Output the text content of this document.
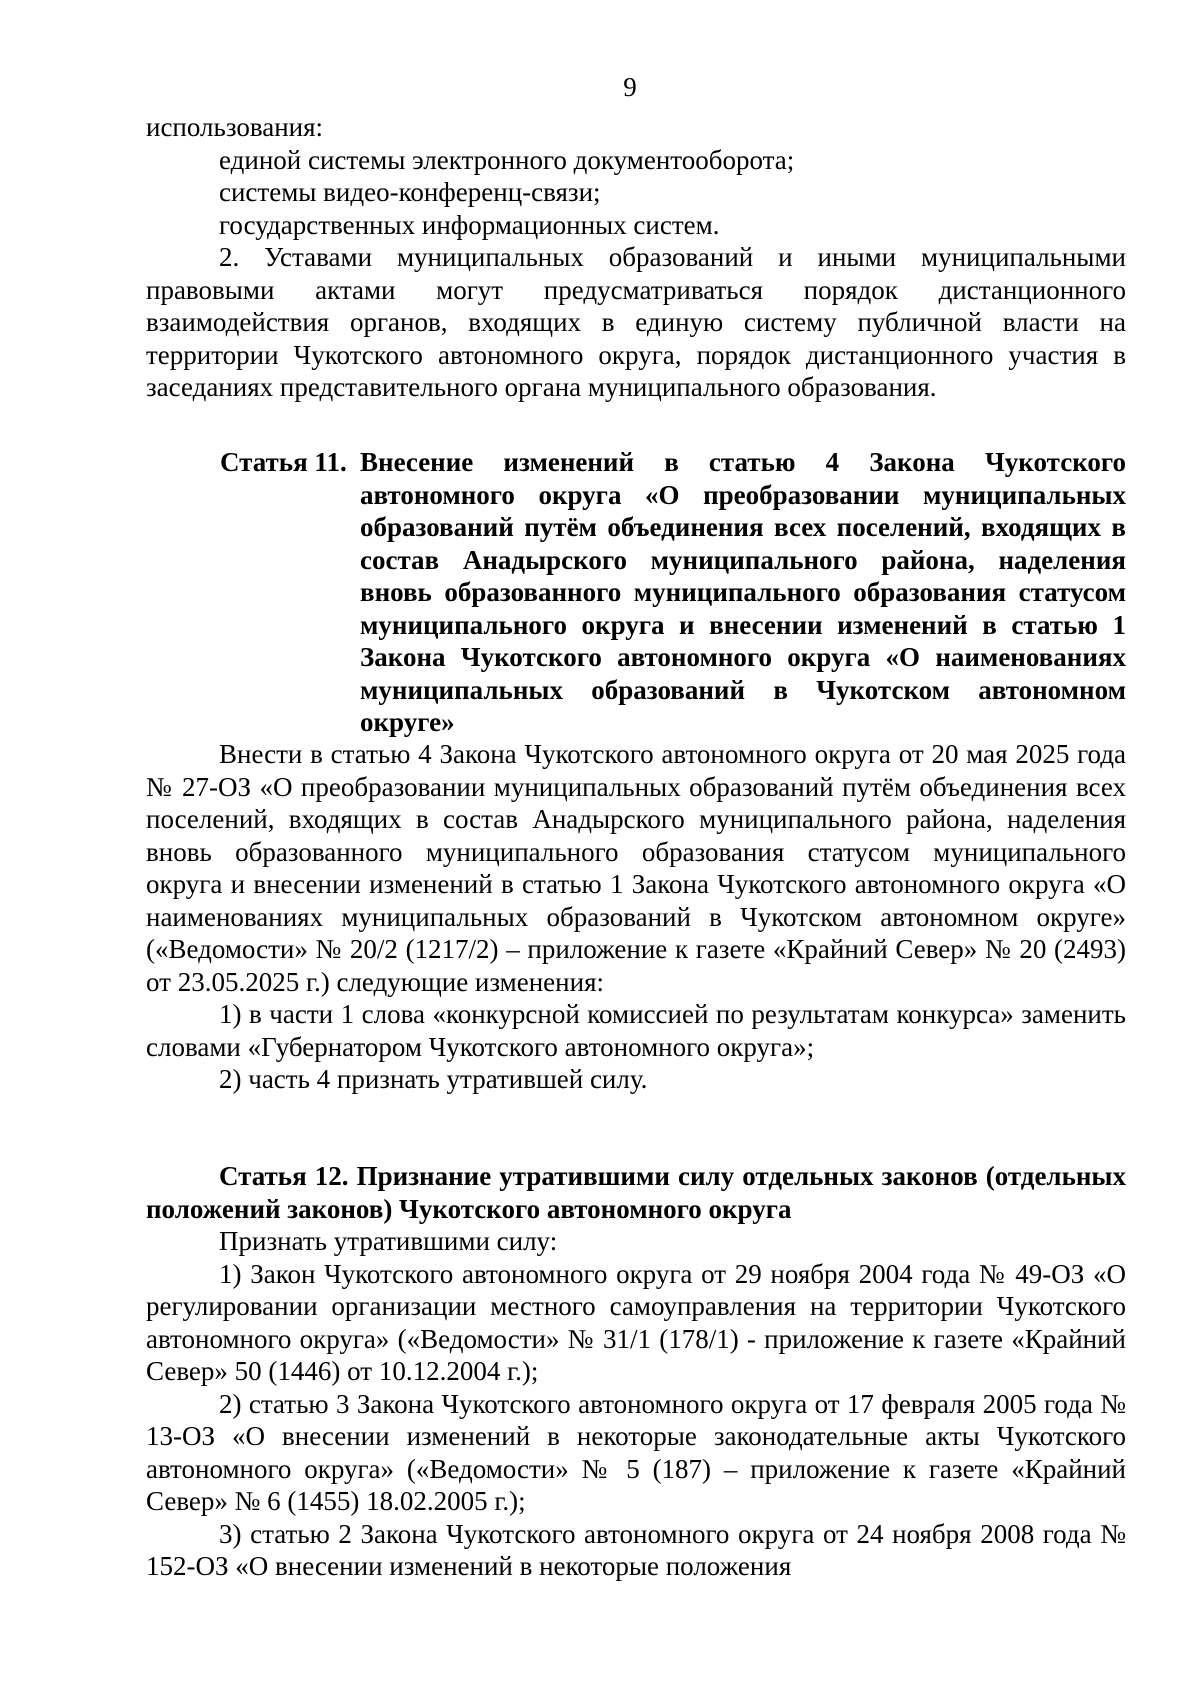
9

использования:

единой системы электронного документооборота;

системы видео-конференц-связи;

государственных информационных систем.

2. Уставами муниципальных образований и иными муниципальными правовыми актами могут предусматриваться порядок дистанционного взаимодействия органов, входящих в единую систему публичной власти на территории Чукотского автономного округа, порядок дистанционного участия в заседаниях представительного органа муниципального образования.

Статья 11. Внесение изменений в статью 4 Закона Чукотского автономного округа «О преобразовании муниципальных образований путём объединения всех поселений, входящих в состав Анадырского муниципального района, наделения вновь образованного муниципального образования статусом муниципального округа и внесении изменений в статью 1 Закона Чукотского автономного округа «О наименованиях муниципальных образований в Чукотском автономном округе»

Внести в статью 4 Закона Чукотского автономного округа от 20 мая 2025 года № 27-ОЗ «О преобразовании муниципальных образований путём объединения всех поселений, входящих в состав Анадырского муниципального района, наделения вновь образованного муниципального образования статусом муниципального округа и внесении изменений в статью 1 Закона Чукотского автономного округа «О наименованиях муниципальных образований в Чукотском автономном округе» («Ведомости» № 20/2 (1217/2) – приложение к газете «Крайний Север» № 20 (2493) от 23.05.2025 г.) следующие изменения:

1) в части 1 слова «конкурсной комиссией по результатам конкурса» заменить словами «Губернатором Чукотского автономного округа»;

2) часть 4 признать утратившей силу.

Статья 12. Признание утратившими силу отдельных законов (отдельных положений законов) Чукотского автономного округа

Признать утратившими силу:

1) Закон Чукотского автономного округа от 29 ноября 2004 года № 49-ОЗ «О регулировании организации местного самоуправления на территории Чукотского автономного округа» («Ведомости» № 31/1 (178/1) - приложение к газете «Крайний Север» 50 (1446) от 10.12.2004 г.);

2) статью 3 Закона Чукотского автономного округа от 17 февраля 2005 года № 13-ОЗ «О внесении изменений в некоторые законодательные акты Чукотского автономного округа» («Ведомости» № 5 (187) – приложение к газете «Крайний Север» № 6 (1455) 18.02.2005 г.);

3) статью 2 Закона Чукотского автономного округа от 24 ноября 2008 года № 152-ОЗ «О внесении изменений в некоторые положения
